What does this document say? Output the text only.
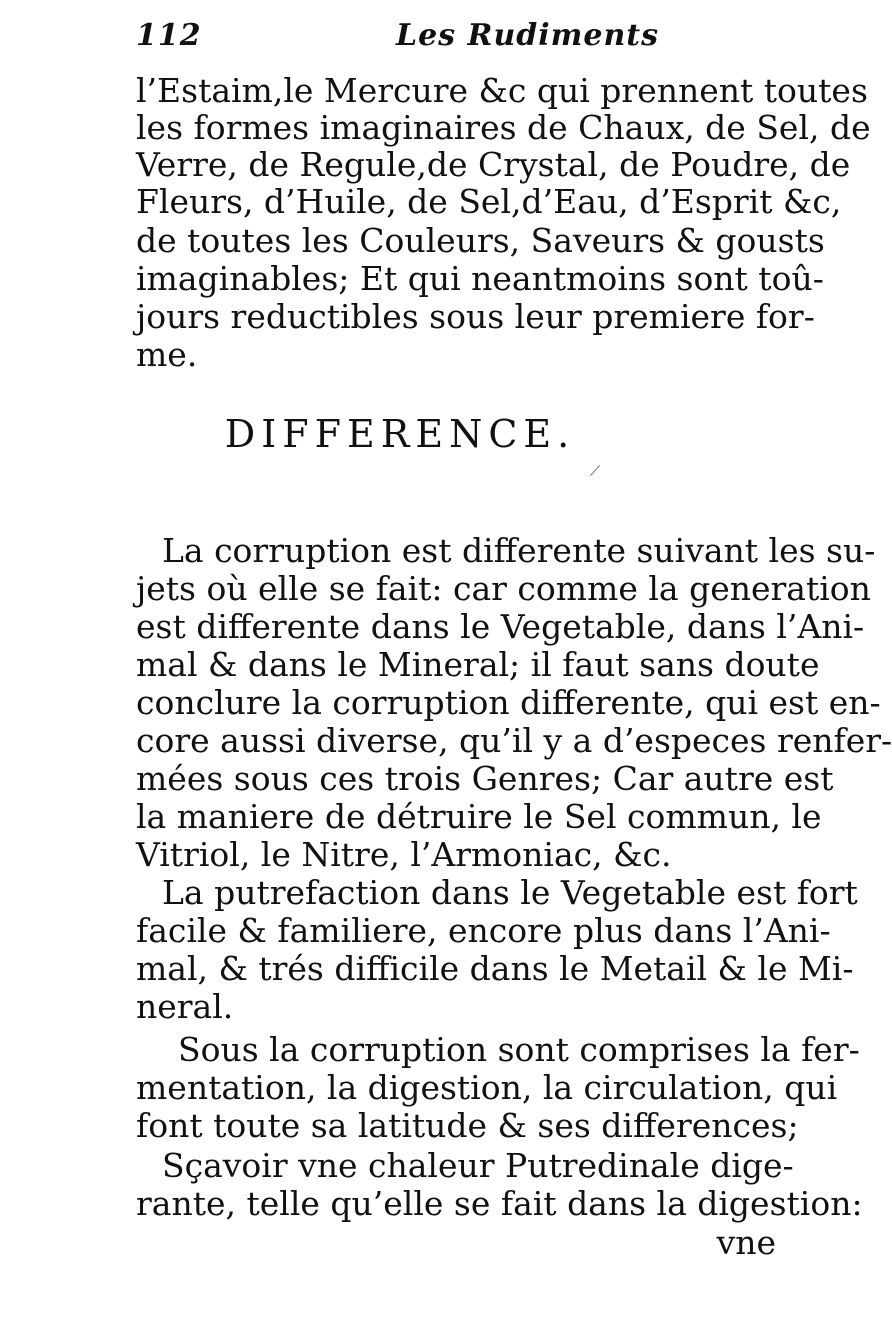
112	Les Rudiments
l’Estaim,le Mercure &c qui prennent toutes
les formes imaginaires de Chaux, de Sel, de
Verre, de Regule,de Crystal, de Poudre, de
Fleurs, d’Huile, de Sel,d’Eau, d’Esprit &c,
de toutes les Couleurs, Saveurs & gousts
imaginables; Et qui neantmoins sont toû-
jours reductibles sous leur premiere for-
me.
DIFFERENCE.
La corruption est differente suivant les su-
jets où elle se fait: car comme la generation
est differente dans le Vegetable, dans l’Ani-
mal & dans le Mineral; il faut sans doute
conclure la corruption differente, qui est en-
core aussi diverse, qu’il y a d’especes renfer-
mées sous ces trois Genres; Car autre est
la maniere de détruire le Sel commun, le
Vitriol, le Nitre, l’Armoniac, &c.
La putrefaction dans le Vegetable est fort
facile & familiere, encore plus dans l’Ani-
mal, & trés difficile dans le Metail & le Mi-
neral.
Sous la corruption sont comprises la fer-
mentation, la digestion, la circulation, qui
font toute sa latitude & ses differences;
Sçavoir vne chaleur Putredinale dige-
rante, telle qu’elle se fait dans la digestion:
vne
